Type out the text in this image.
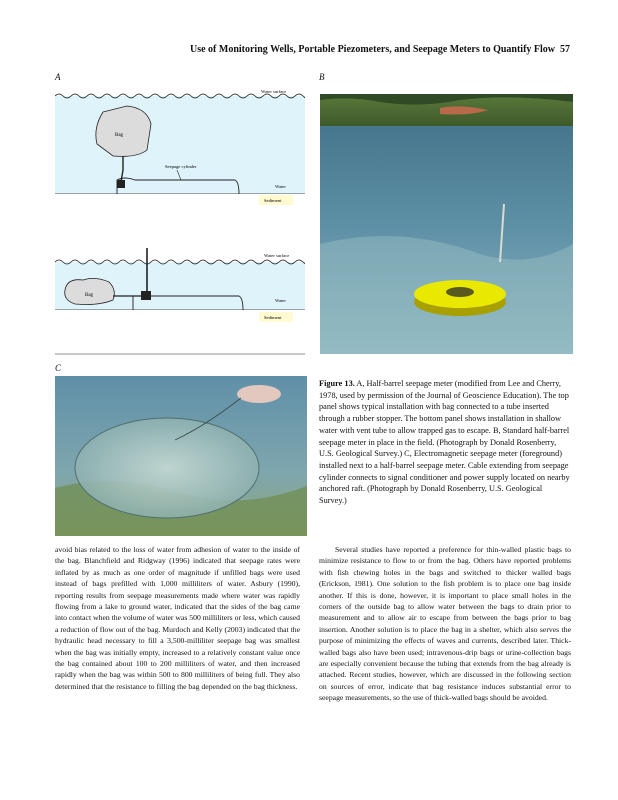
Use of Monitoring Wells, Portable Piezometers, and Seepage Meters to Quantify Flow 57
A	B
C
Bag
Seepage cylinder
Water surface
Water
Sediment
Bag
Water surface
Water
Sediment
Figure 13. A, Half-barrel seepage meter (modified from Lee and Cherry, 1978, used by permission of the Journal of Geoscience Education). The top panel shows typical installation with bag connected to a tube inserted through a rubber stopper. The bottom panel shows installation in shallow water with vent tube to allow trapped gas to escape. B, Standard half-barrel seepage meter in place in the field. (Photograph by Donald Rosenberry, U.S. Geological Survey.) C, Electromagnetic seepage meter (foreground) installed next to a half-barrel seepage meter. Cable extending from seepage cylinder connects to signal conditioner and power supply located on nearby anchored raft. (Photograph by Donald Rosenberry, U.S. Geological Survey.)
avoid bias related to the loss of water from adhesion of water to the inside of the bag. Blanchfield and Ridgway (1996) indicated that seepage rates were inflated by as much as one order of magnitude if unfilled bags were used instead of bags prefilled with 1,000 milliliters of water. Asbury (1990), reporting results from seepage measurements made where water was rapidly flowing from a lake to ground water, indicated that the sides of the bag came into contact when the volume of water was 500 milliliters or less, which caused a reduction of flow out of the bag. Murdoch and Kelly (2003) indicated that the hydraulic head necessary to fill a 3,500-milliliter seepage bag was smallest when the bag was initially empty, increased to a relatively constant value once the bag contained about 100 to 200 milliliters of water, and then increased rapidly when the bag was within 500 to 800 milliliters of being full. They also determined that the resistance to filling the bag depended on the bag thickness.
Several studies have reported a preference for thin-walled plastic bags to minimize resistance to flow to or from the bag. Others have reported problems with fish chewing holes in the bags and switched to thicker walled bags (Erickson, 1981). One solution to the fish problem is to place one bag inside another. If this is done, however, it is important to place small holes in the corners of the outside bag to allow water between the bags to drain prior to measurement and to allow air to escape from between the bags prior to bag insertion. Another solution is to place the bag in a shelter, which also serves the purpose of minimizing the effects of waves and currents, described later. Thick-walled bags also have been used; intravenous-drip bags or urine-collection bags are especially convenient because the tubing that extends from the bag already is attached. Recent studies, however, which are discussed in the following section on sources of error, indicate that bag resistance induces substantial error to seepage measurements, so the use of thick-walled bags should be avoided.
